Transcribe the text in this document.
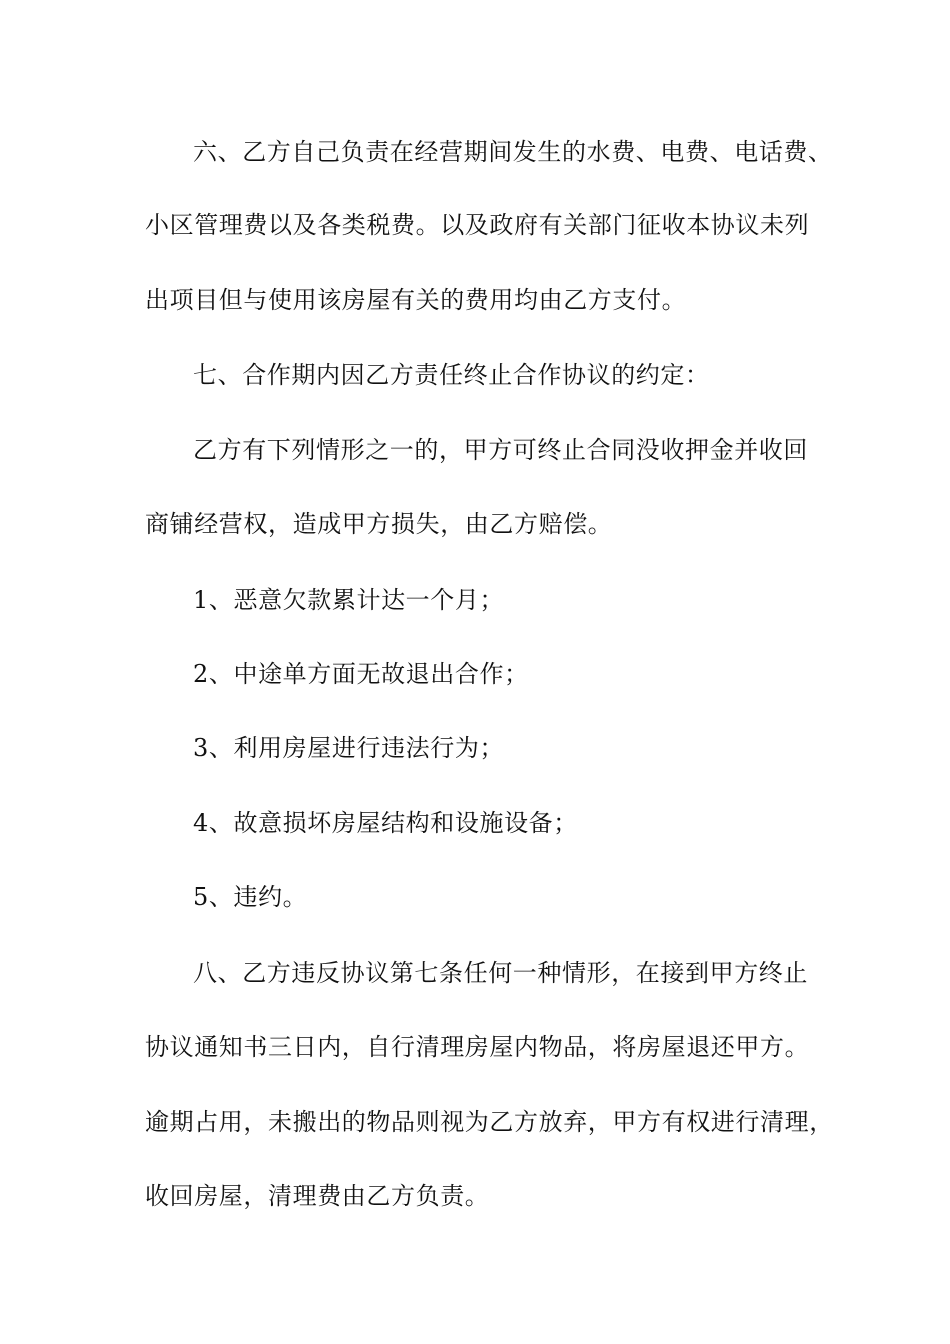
六、乙方自己负责在经营期间发生的水费、电费、电话费、
小区管理费以及各类税费。以及政府有关部门征收本协议未列
出项目但与使用该房屋有关的费用均由乙方支付。
七、合作期内因乙方责任终止合作协议的约定：
乙方有下列情形之一的，甲方可终止合同没收押金并收回
商铺经营权，造成甲方损失，由乙方赔偿。
1、恶意欠款累计达一个月；
2、中途单方面无故退出合作；
3、利用房屋进行违法行为；
4、故意损坏房屋结构和设施设备；
5、违约。
八、乙方违反协议第七条任何一种情形，在接到甲方终止
协议通知书三日内，自行清理房屋内物品，将房屋退还甲方。
逾期占用，未搬出的物品则视为乙方放弃，甲方有权进行清理，
收回房屋，清理费由乙方负责。
